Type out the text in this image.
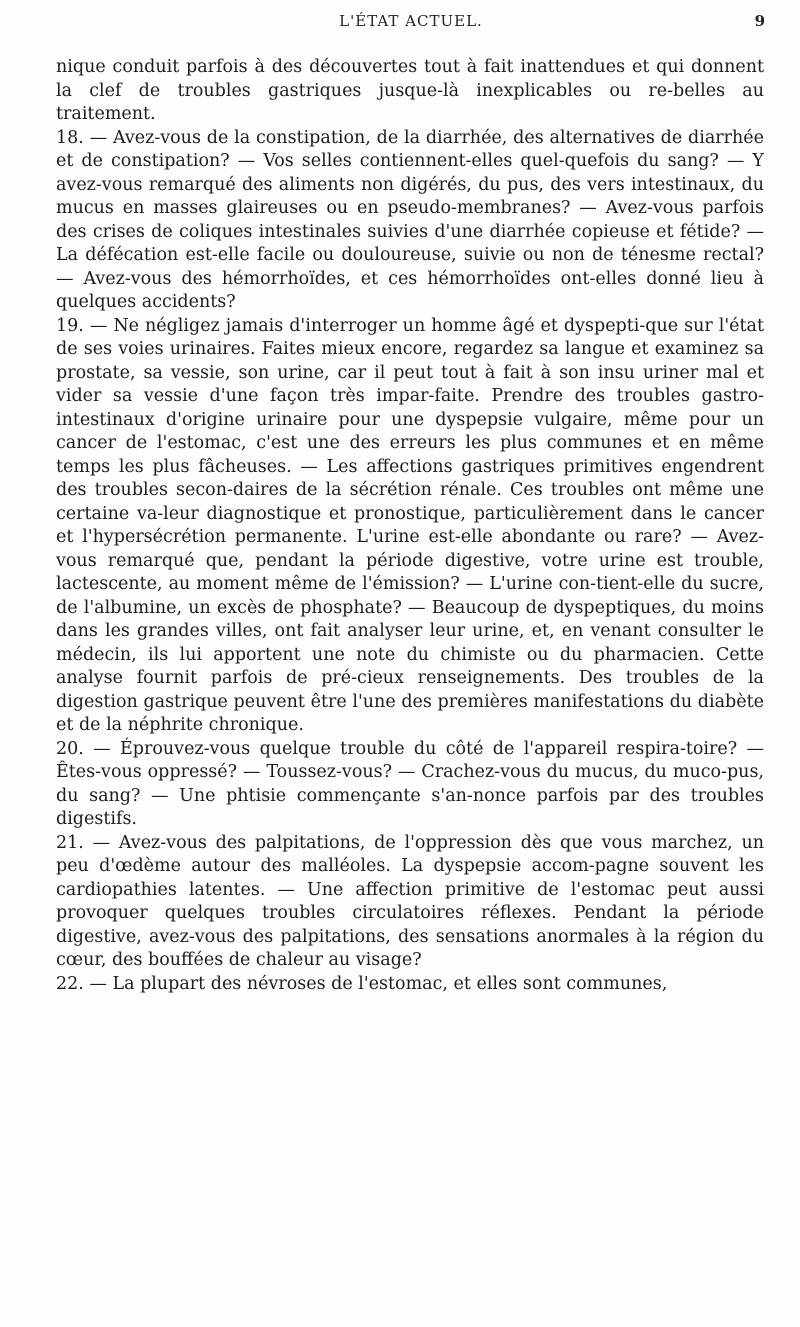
L'ÉTAT ACTUEL.	9

nique conduit parfois à des découvertes tout à fait inattendues et qui donnent la clef de troubles gastriques jusque-là inexplicables ou re-belles au traitement.

18. — Avez-vous de la constipation, de la diarrhée, des alternatives de diarrhée et de constipation? — Vos selles contiennent-elles quel-quefois du sang? — Y avez-vous remarqué des aliments non digérés, du pus, des vers intestinaux, du mucus en masses glaireuses ou en pseudo-membranes? — Avez-vous parfois des crises de coliques intestinales suivies d'une diarrhée copieuse et fétide? — La défécation est-elle facile ou douloureuse, suivie ou non de ténesme rectal? — Avez-vous des hémorrhoïdes, et ces hémorrhoïdes ont-elles donné lieu à quelques accidents?

19. — Ne négligez jamais d'interroger un homme âgé et dyspepti-que sur l'état de ses voies urinaires. Faites mieux encore, regardez sa langue et examinez sa prostate, sa vessie, son urine, car il peut tout à fait à son insu uriner mal et vider sa vessie d'une façon très impar-faite. Prendre des troubles gastro-intestinaux d'origine urinaire pour une dyspepsie vulgaire, même pour un cancer de l'estomac, c'est une des erreurs les plus communes et en même temps les plus fâcheuses. — Les affections gastriques primitives engendrent des troubles secon-daires de la sécrétion rénale. Ces troubles ont même une certaine va-leur diagnostique et pronostique, particulièrement dans le cancer et l'hypersécrétion permanente. L'urine est-elle abondante ou rare? — Avez-vous remarqué que, pendant la période digestive, votre urine est trouble, lactescente, au moment même de l'émission? — L'urine con-tient-elle du sucre, de l'albumine, un excès de phosphate? — Beaucoup de dyspeptiques, du moins dans les grandes villes, ont fait analyser leur urine, et, en venant consulter le médecin, ils lui apportent une note du chimiste ou du pharmacien. Cette analyse fournit parfois de pré-cieux renseignements. Des troubles de la digestion gastrique peuvent être l'une des premières manifestations du diabète et de la néphrite chronique.

20. — Éprouvez-vous quelque trouble du côté de l'appareil respira-toire? — Êtes-vous oppressé? — Toussez-vous? — Crachez-vous du mucus, du muco-pus, du sang? — Une phtisie commençante s'an-nonce parfois par des troubles digestifs.

21. — Avez-vous des palpitations, de l'oppression dès que vous marchez, un peu d'œdème autour des malléoles. La dyspepsie accom-pagne souvent les cardiopathies latentes. — Une affection primitive de l'estomac peut aussi provoquer quelques troubles circulatoires réflexes. Pendant la période digestive, avez-vous des palpitations, des sensations anormales à la région du cœur, des bouffées de chaleur au visage?

22. — La plupart des névroses de l'estomac, et elles sont communes,
